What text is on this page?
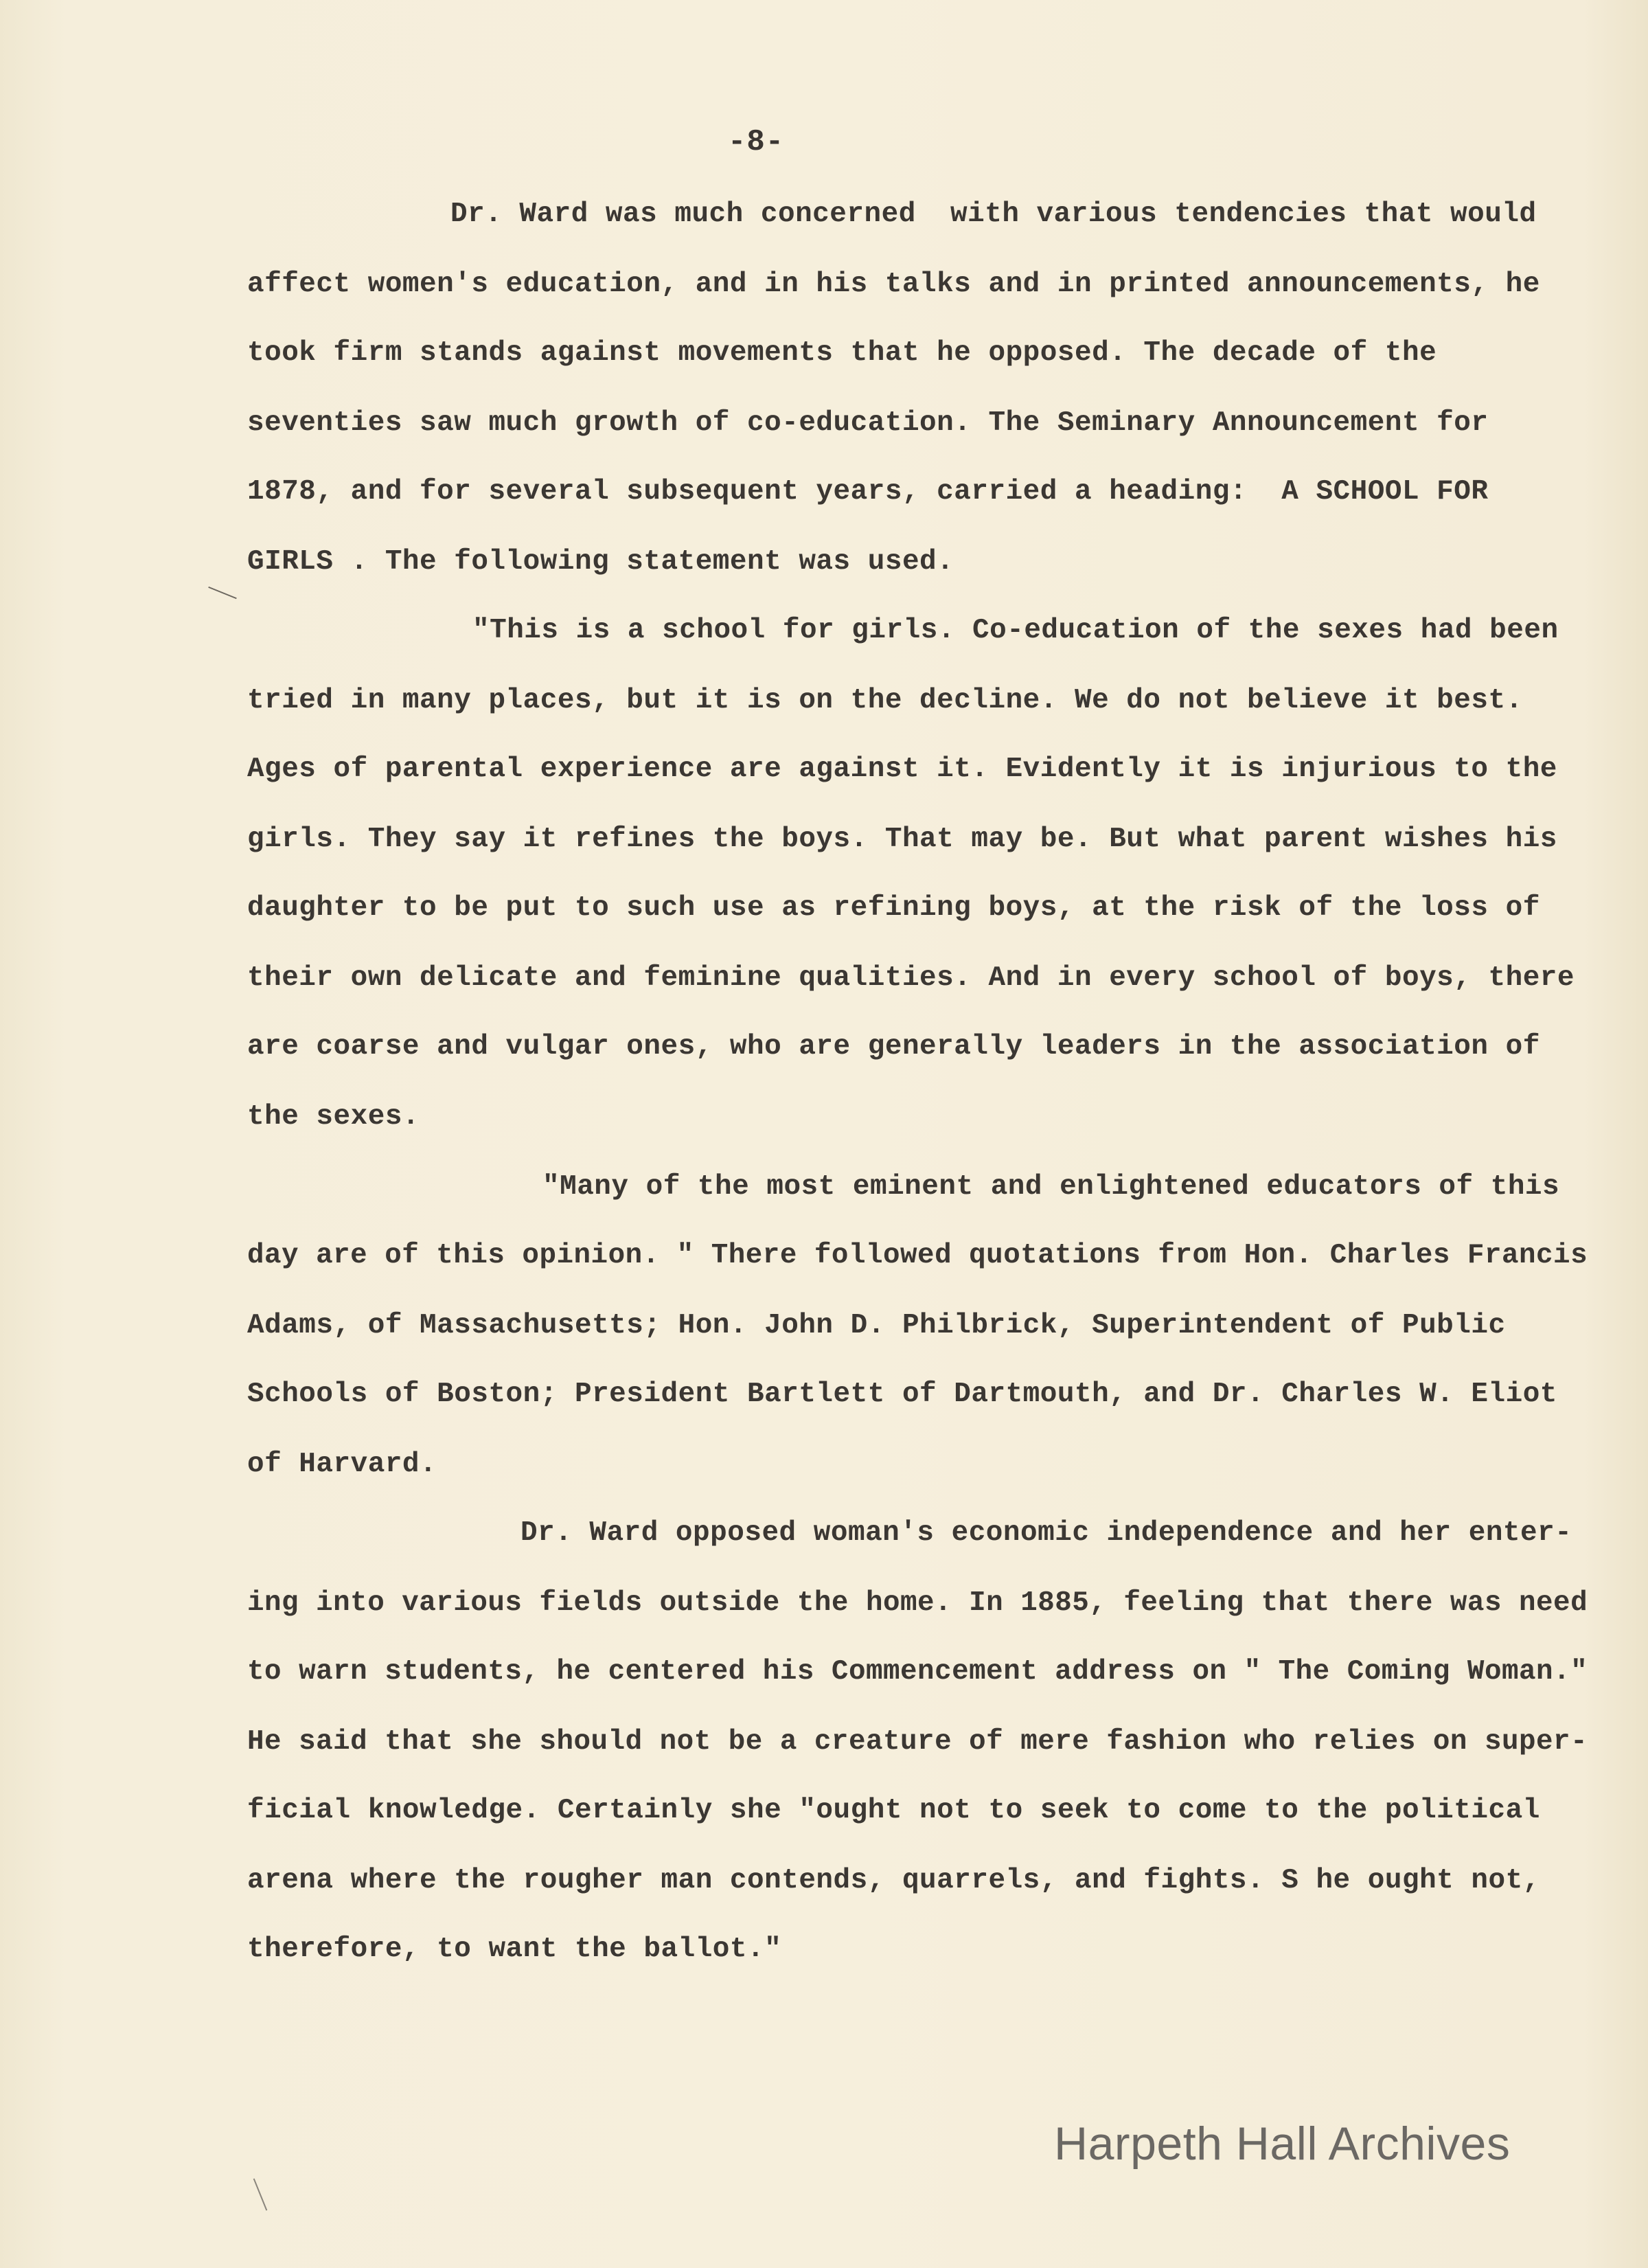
-8-
Dr. Ward was much concerned  with various tendencies that would
affect women's education, and in his talks and in printed announcements, he
took firm stands against movements that he opposed. The decade of the
seventies saw much growth of co-education. The Seminary Announcement for
1878, and for several subsequent years, carried a heading:  A SCHOOL FOR
GIRLS . The following statement was used.
"This is a school for girls. Co-education of the sexes had been
tried in many places, but it is on the decline. We do not believe it best.
Ages of parental experience are against it. Evidently it is injurious to the
girls. They say it refines the boys. That may be. But what parent wishes his
daughter to be put to such use as refining boys, at the risk of the loss of
their own delicate and feminine qualities. And in every school of boys, there
are coarse and vulgar ones, who are generally leaders in the association of
the sexes.
"Many of the most eminent and enlightened educators of this
day are of this opinion. " There followed quotations from Hon. Charles Francis
Adams, of Massachusetts; Hon. John D. Philbrick, Superintendent of Public
Schools of Boston; President Bartlett of Dartmouth, and Dr. Charles W. Eliot
of Harvard.
Dr. Ward opposed woman's economic independence and her enter-
ing into various fields outside the home. In 1885, feeling that there was need
to warn students, he centered his Commencement address on " The Coming Woman."
He said that she should not be a creature of mere fashion who relies on super-
ficial knowledge. Certainly she "ought not to seek to come to the political
arena where the rougher man contends, quarrels, and fights. S he ought not,
therefore, to want the ballot."
Harpeth Hall Archives
